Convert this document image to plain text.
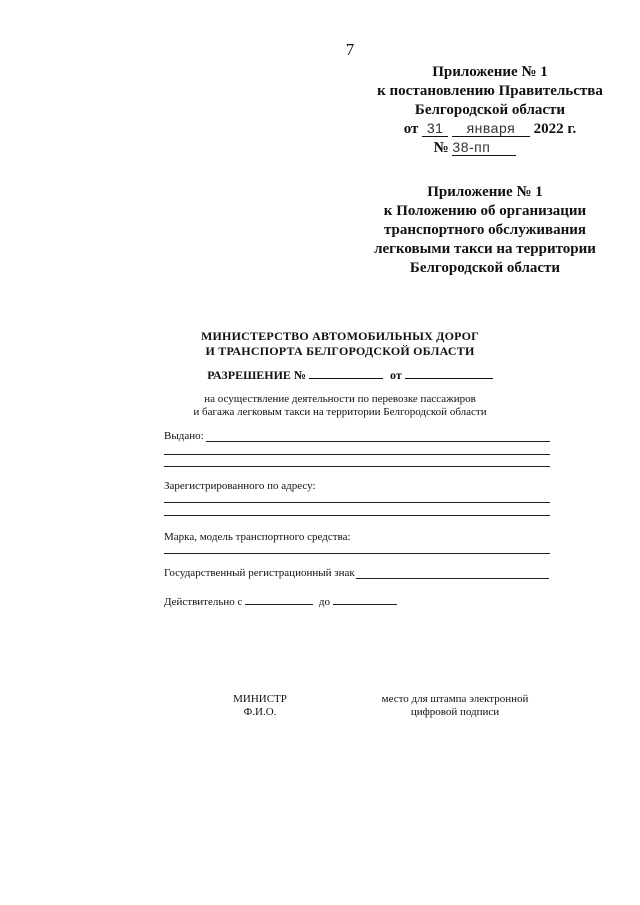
7
Приложение № 1
к постановлению Правительства
Белгородской области
от 31 января 2022 г.
№ 38-пп
Приложение № 1
к Положению об организации
транспортного обслуживания
легковыми такси на территории
Белгородской области
МИНИСТЕРСТВО АВТОМОБИЛЬНЫХ ДОРОГ
И ТРАНСПОРТА БЕЛГОРОДСКОЙ ОБЛАСТИ
РАЗРЕШЕНИЕ №	от
на осуществление деятельности по перевозке пассажиров
и багажа легковым такси на территории Белгородской области
Выдано:
Зарегистрированного по адресу:
Марка, модель транспортного средства:
Государственный регистрационный знак
Действительно с	до
МИНИСТР
Ф.И.О.
место для штампа электронной
цифровой подписи
